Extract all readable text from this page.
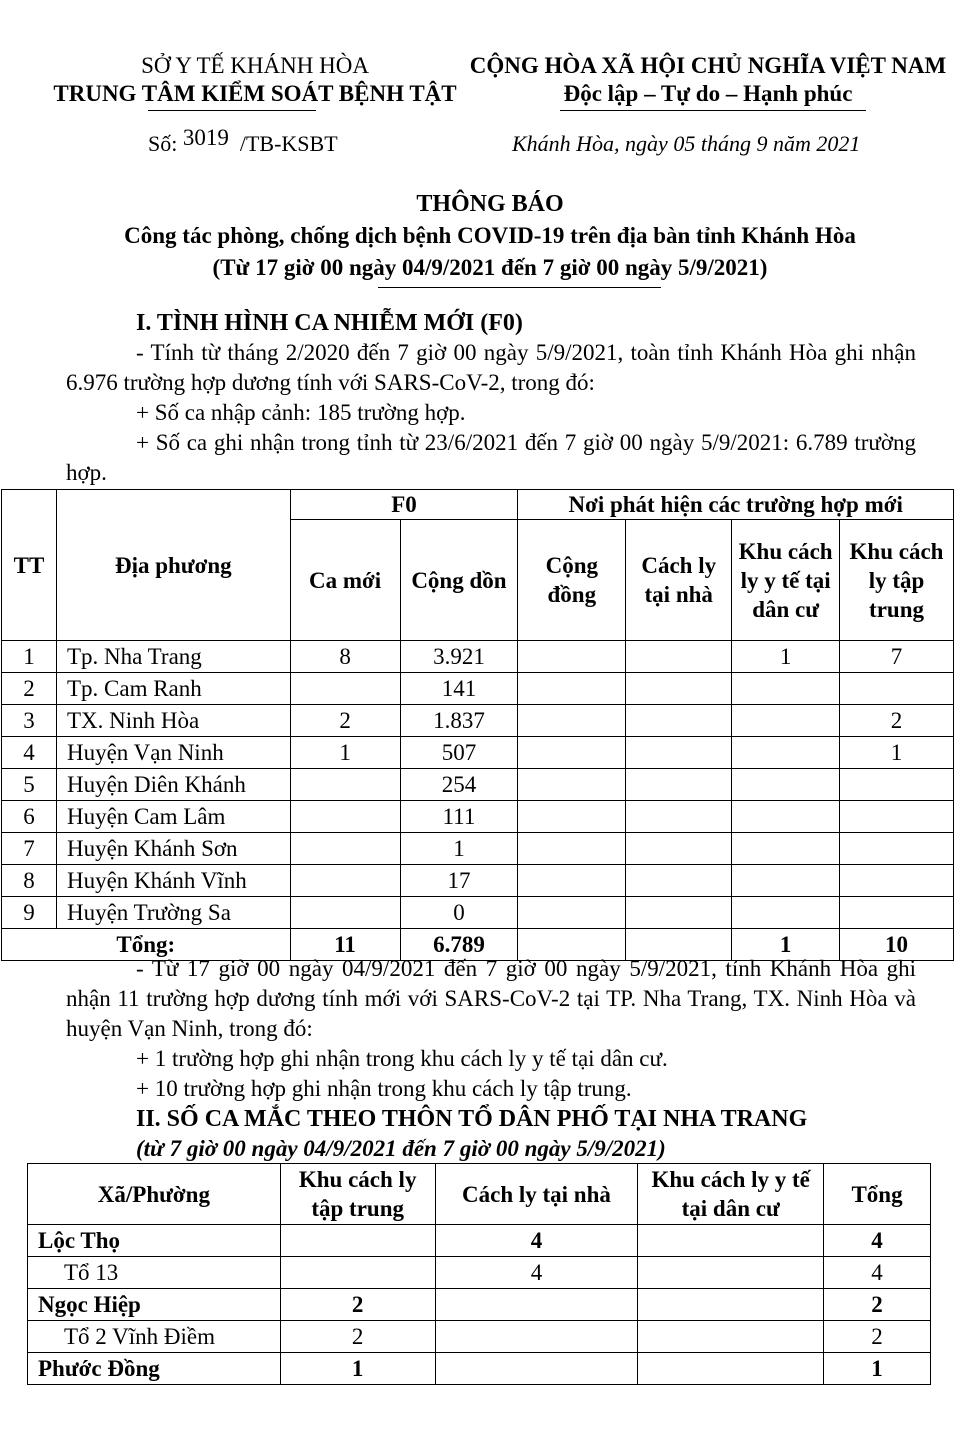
SỞ Y TẾ KHÁNH HÒA
TRUNG TÂM KIỂM SOÁT BỆNH TẬT
CỘNG HÒA XÃ HỘI CHỦ NGHĨA VIỆT NAM
Độc lập – Tự do – Hạnh phúc
Số: 3019 /TB-KSBT	Khánh Hòa, ngày 05 tháng 9 năm 2021
THÔNG BÁO
Công tác phòng, chống dịch bệnh COVID-19 trên địa bàn tỉnh Khánh Hòa
(Từ 17 giờ 00 ngày 04/9/2021 đến 7 giờ 00 ngày 5/9/2021)

I. TÌNH HÌNH CA NHIỄM MỚI (F0)

- Tính từ tháng 2/2020 đến 7 giờ 00 ngày 5/9/2021, toàn tỉnh Khánh Hòa ghi nhận 6.976 trường hợp dương tính với SARS-CoV-2, trong đó:

+ Số ca nhập cảnh: 185 trường hợp.

+ Số ca ghi nhận trong tỉnh từ 23/6/2021 đến 7 giờ 00 ngày 5/9/2021: 6.789 trường hợp.

TT	Địa phương	F0		Nơi phát hiện các trường hợp mới			
		Ca mới	Cộng dồn	Cộng đồng	Cách ly tại nhà	Khu cách ly y tế tại dân cư	Khu cách ly tập trung
1	Tp. Nha Trang	8	3.921			1	7
2	Tp. Cam Ranh		141				
3	TX. Ninh Hòa	2	1.837				2
4	Huyện Vạn Ninh	1	507				1
5	Huyện Diên Khánh		254				
6	Huyện Cam Lâm		111				
7	Huyện Khánh Sơn		1				
8	Huyện Khánh Vĩnh		17				
9	Huyện Trường Sa		0				
Tổng:		11	6.789			1	10

- Từ 17 giờ 00 ngày 04/9/2021 đến 7 giờ 00 ngày 5/9/2021, tỉnh Khánh Hòa ghi nhận 11 trường hợp dương tính mới với SARS-CoV-2 tại TP. Nha Trang, TX. Ninh Hòa và huyện Vạn Ninh, trong đó:

+ 1 trường hợp ghi nhận trong khu cách ly y tế tại dân cư.

+ 10 trường hợp ghi nhận trong khu cách ly tập trung.

II. SỐ CA MẮC THEO THÔN TỔ DÂN PHỐ TẠI NHA TRANG

(từ 7 giờ 00 ngày 04/9/2021 đến 7 giờ 00 ngày 5/9/2021)

Xã/Phường	Khu cách ly tập trung	Cách ly tại nhà	Khu cách ly y tế tại dân cư	Tổng
Lộc Thọ		4		4
Tổ 13		4		4
Ngọc Hiệp	2			2
Tổ 2 Vĩnh Điềm	2			2
Phước Đồng	1			1
